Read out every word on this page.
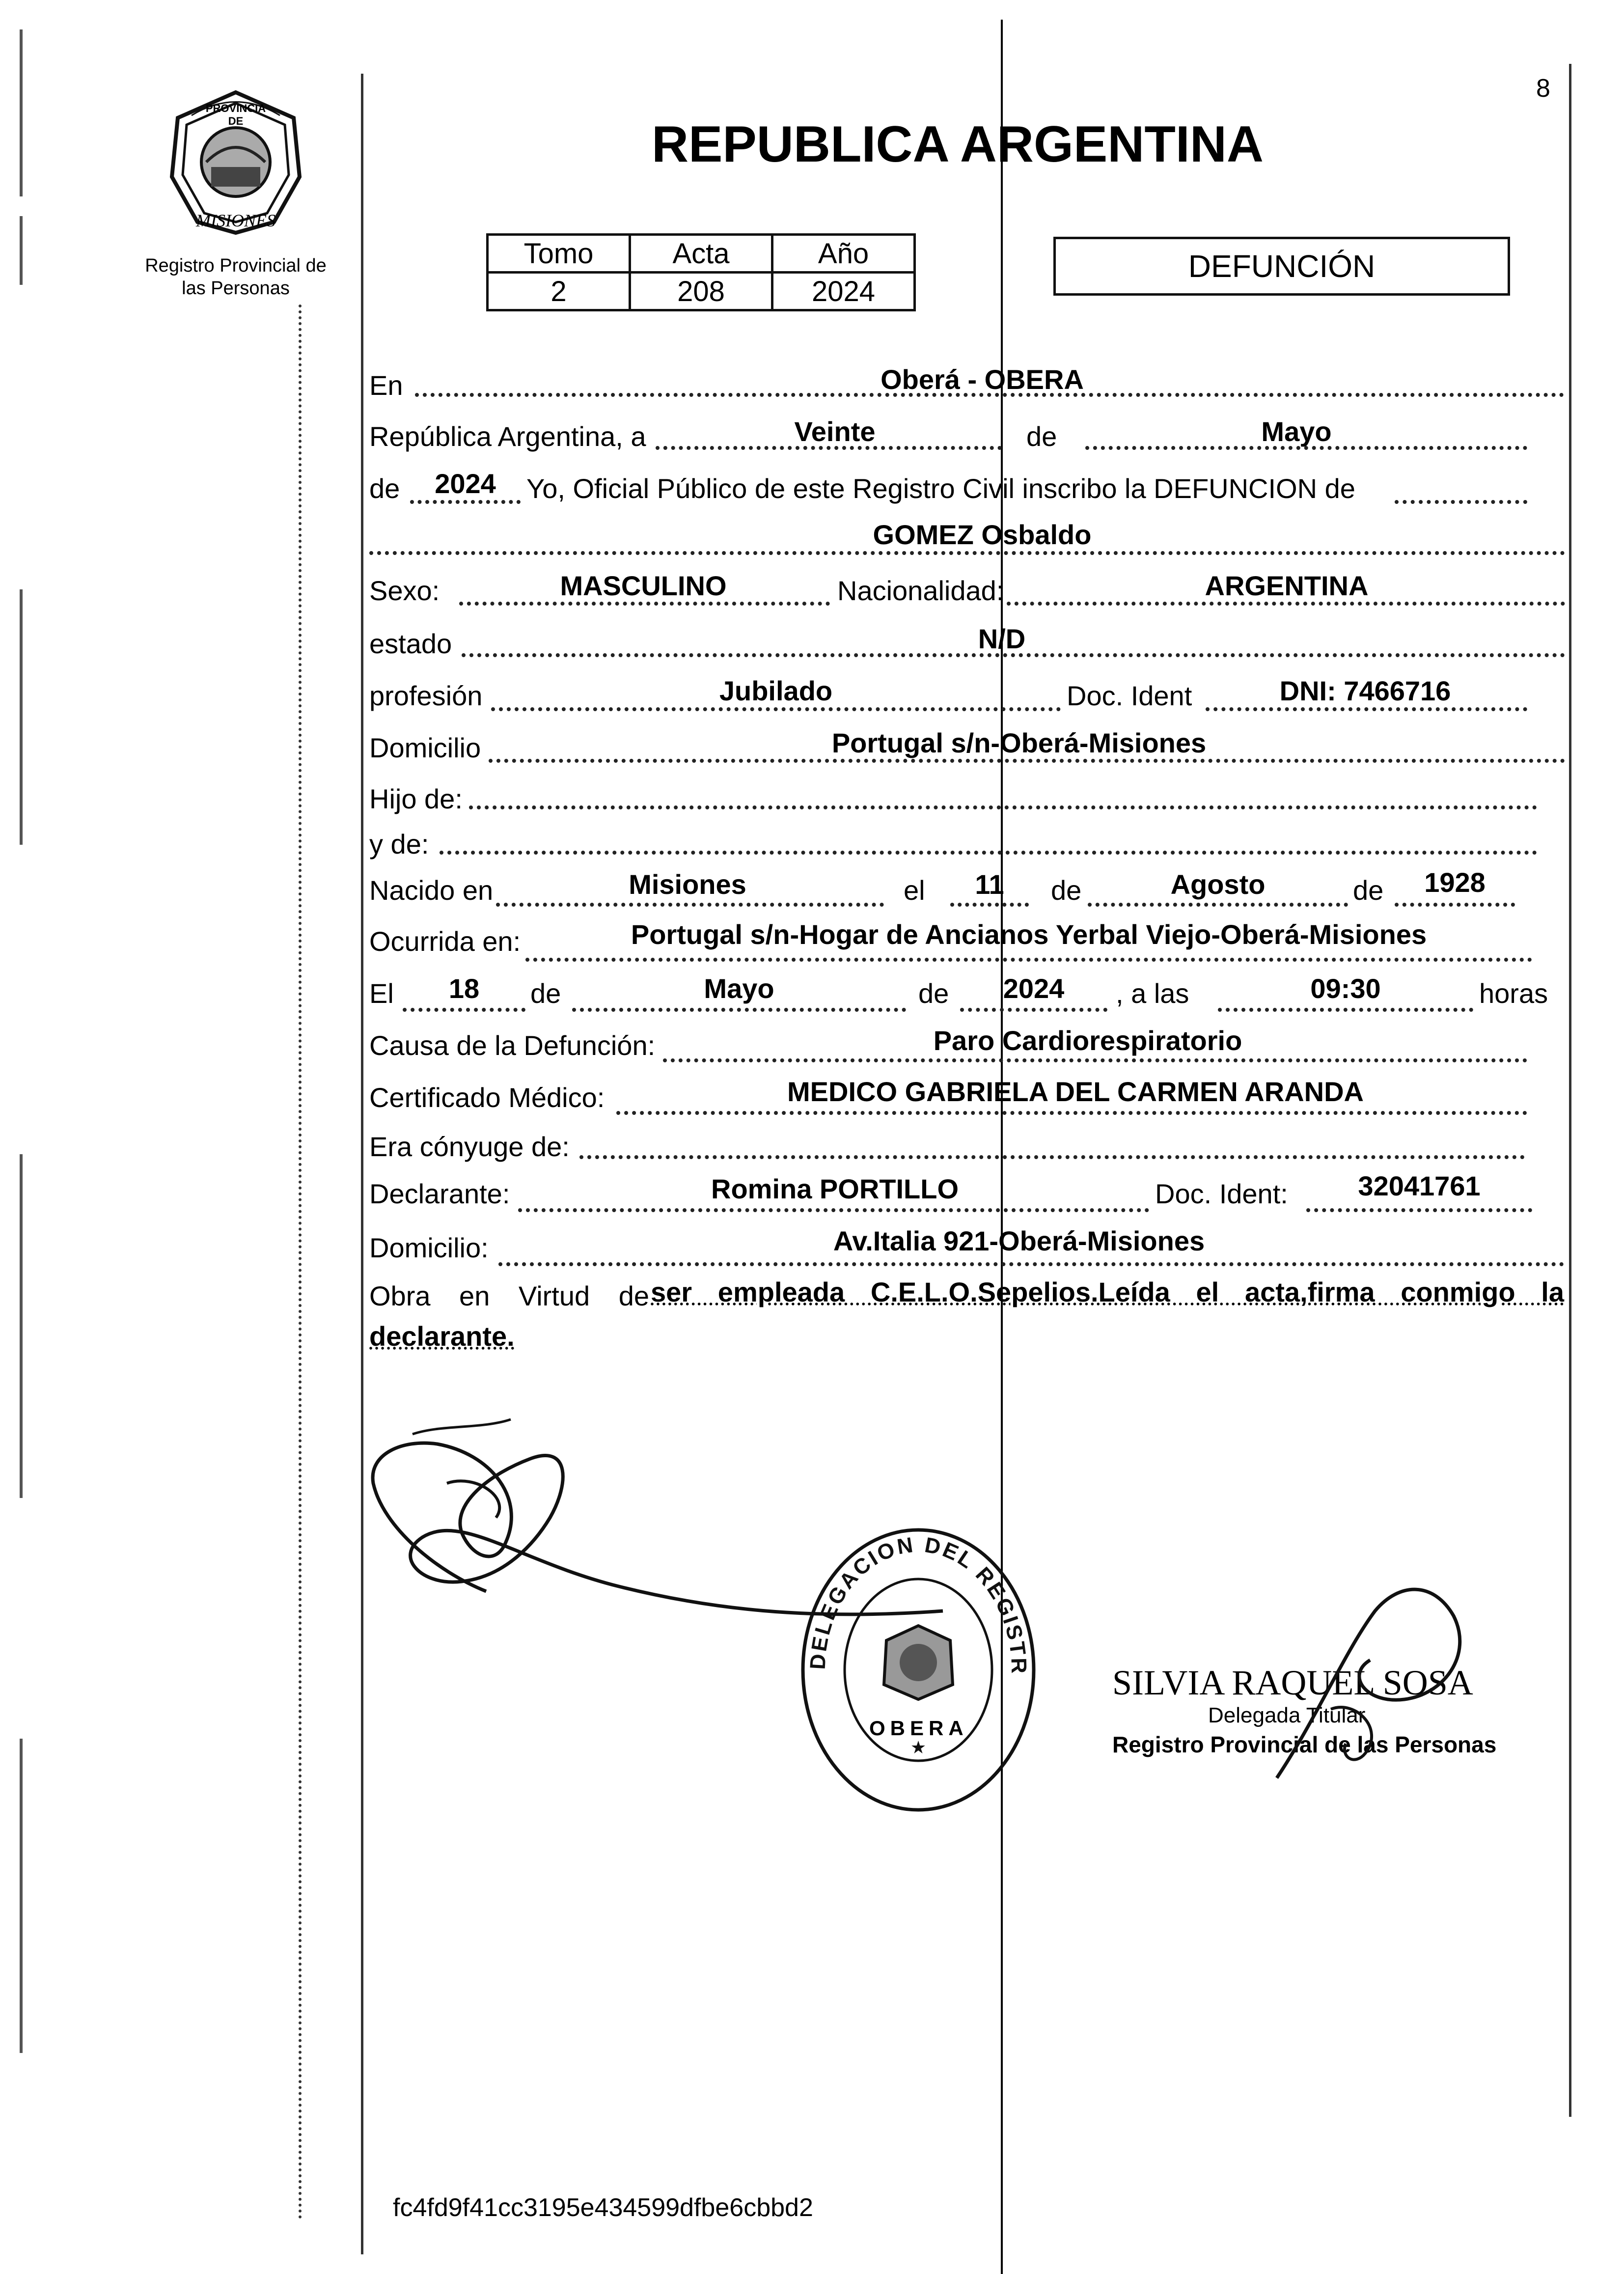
8
PROVINCIA DE
MISIONES
Registro Provincial de
las Personas
REPUBLICA ARGENTINA
Tomo	Acta	Año
2	208	2024
DEFUNCIÓN
En	Oberá - OBERA
República Argentina, a	Veinte	de	Mayo
de	2024	Yo, Oficial Público de este Registro Civil inscribo la DEFUNCION de
GOMEZ Osbaldo
Sexo:	MASCULINO	Nacionalidad:	ARGENTINA
estado	N/D
profesión	Jubilado	Doc. Ident	DNI: 7466716
Domicilio	Portugal s/n-Oberá-Misiones
Hijo de:
y de:
Nacido en	Misiones	el	11	de	Agosto	de	1928
Ocurrida en:	Portugal s/n-Hogar de Ancianos Yerbal Viejo-Oberá-Misiones
El	18	de	Mayo	de	2024	, a las	09:30	horas
Causa de la Defunción:	Paro Cardiorespiratorio
Certificado Médico:	MEDICO GABRIELA DEL CARMEN ARANDA
Era cónyuge de:
Declarante:	Romina PORTILLO	Doc. Ident:	32041761
Domicilio:	Av.Italia 921-Oberá-Misiones
Obra en Virtud de ser empleada C.E.L.O.Sepelios.Leída el acta,firma conmigo la
declarante.
DELEGACION DEL REGISTR
★
OBERA
SILVIA RAQUEL SOSA
Delegada Titular
Registro Provincial de las Personas
fc4fd9f41cc3195e434599dfbe6cbbd2
